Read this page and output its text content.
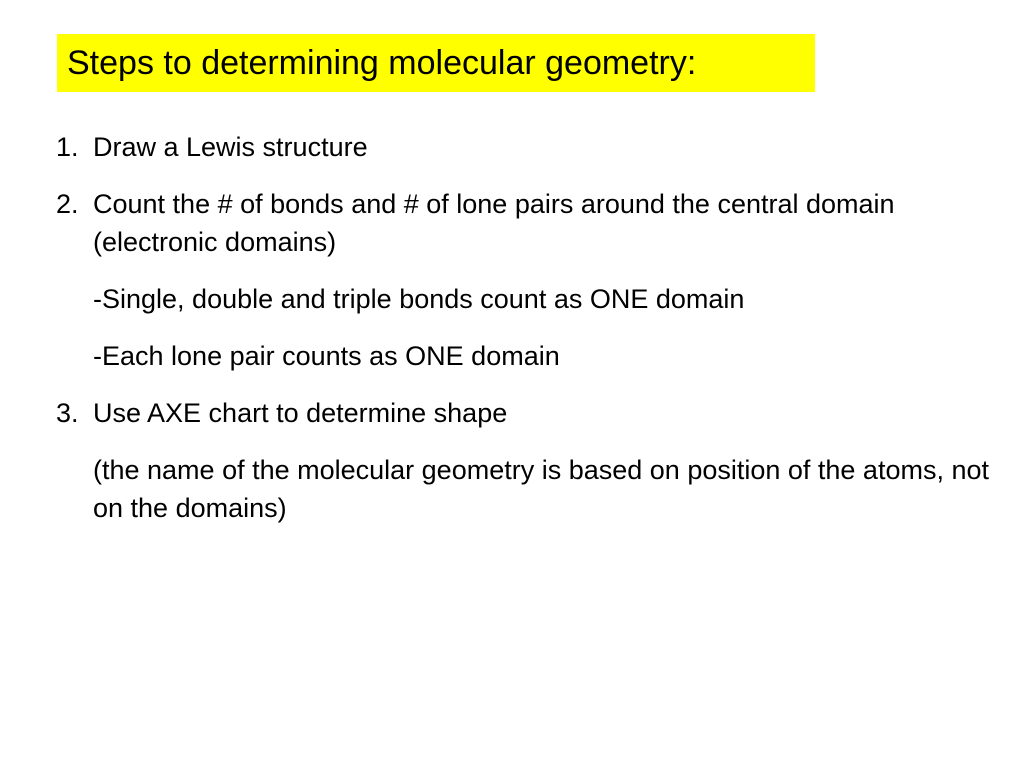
Steps to determining molecular geometry:
1. Draw a Lewis structure
2. Count the # of bonds and # of lone pairs around the central domain (electronic domains)
-Single, double and triple bonds count as ONE domain
-Each lone pair counts as ONE domain
3. Use AXE chart to determine shape
(the name of the molecular geometry is based on position of the atoms, not on the domains)
